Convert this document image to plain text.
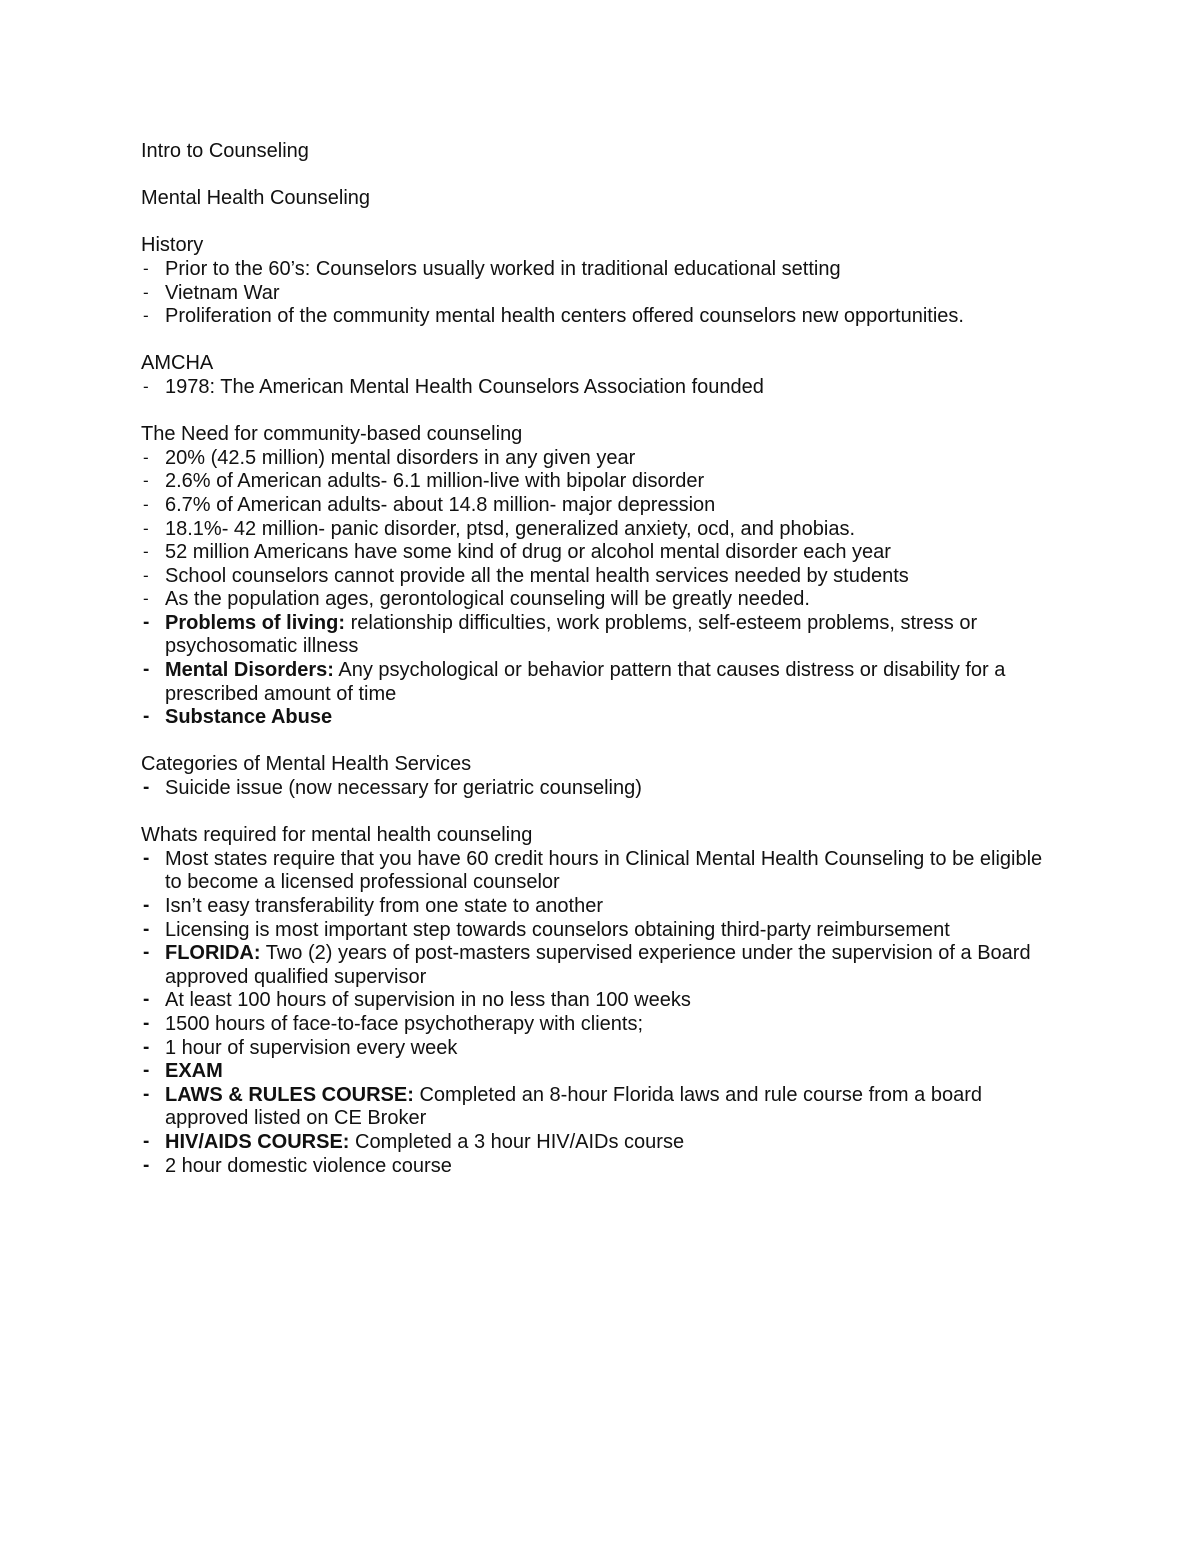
Intro to Counseling

Mental Health Counseling

History

- Prior to the 60’s: Counselors usually worked in traditional educational setting
- Vietnam War
- Proliferation of the community mental health centers offered counselors new opportunities.

AMCHA

- 1978: The American Mental Health Counselors Association founded

The Need for community-based counseling

- 20% (42.5 million) mental disorders in any given year
- 2.6% of American adults- 6.1 million-live with bipolar disorder
- 6.7% of American adults- about 14.8 million- major depression
- 18.1%- 42 million- panic disorder, ptsd, generalized anxiety, ocd, and phobias.
- 52 million Americans have some kind of drug or alcohol mental disorder each year
- School counselors cannot provide all the mental health services needed by students
- As the population ages, gerontological counseling will be greatly needed.
- Problems of living: relationship difficulties, work problems, self-esteem problems, stress or psychosomatic illness
- Mental Disorders: Any psychological or behavior pattern that causes distress or disability for a prescribed amount of time
- Substance Abuse

Categories of Mental Health Services

- Suicide issue (now necessary for geriatric counseling)

Whats required for mental health counseling

- Most states require that you have 60 credit hours in Clinical Mental Health Counseling to be eligible to become a licensed professional counselor
- Isn’t easy transferability from one state to another
- Licensing is most important step towards counselors obtaining third-party reimbursement
- FLORIDA: Two (2) years of post-masters supervised experience under the supervision of a Board approved qualified supervisor
- At least 100 hours of supervision in no less than 100 weeks
- 1500 hours of face-to-face psychotherapy with clients;
- 1 hour of supervision every week
- EXAM
- LAWS & RULES COURSE: Completed an 8-hour Florida laws and rule course from a board approved listed on CE Broker
- HIV/AIDS COURSE: Completed a 3 hour HIV/AIDs course
- 2 hour domestic violence course
